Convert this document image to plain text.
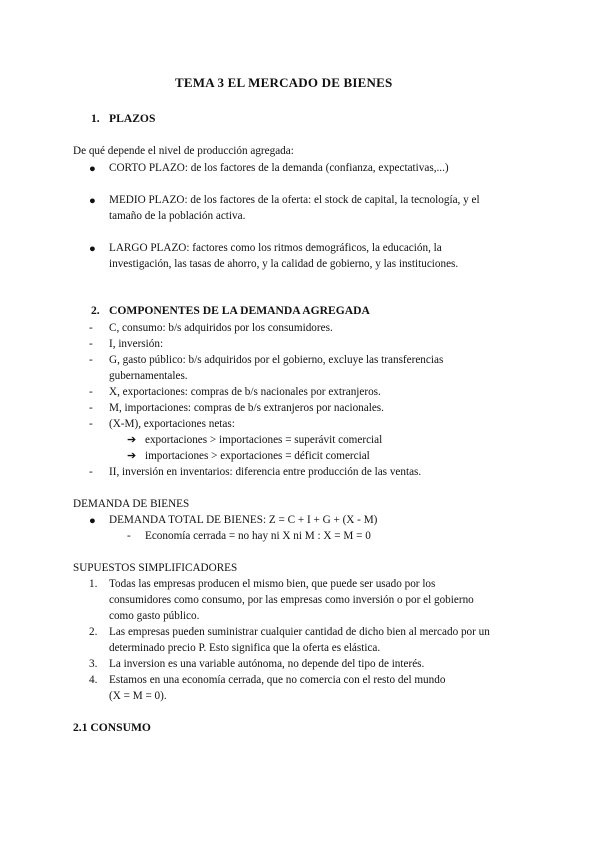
TEMA 3 EL MERCADO DE BIENES
1. PLAZOS
De qué depende el nivel de producción agregada:
● CORTO PLAZO: de los factores de la demanda (confianza, expectativas,...)
● MEDIO PLAZO: de los factores de la oferta: el stock de capital, la tecnología, y el
tamaño de la población activa.
● LARGO PLAZO: factores como los ritmos demográficos, la educación, la
investigación, las tasas de ahorro, y la calidad de gobierno, y las instituciones.
2. COMPONENTES DE LA DEMANDA AGREGADA
- C, consumo: b/s adquiridos por los consumidores.
- I, inversión:
- G, gasto público: b/s adquiridos por el gobierno, excluye las transferencias
gubernamentales.
- X, exportaciones: compras de b/s nacionales por extranjeros.
- M, importaciones: compras de b/s extranjeros por nacionales.
- (X-M), exportaciones netas:
➔ exportaciones > importaciones = superávit comercial
➔ importaciones > exportaciones = déficit comercial
- II, inversión en inventarios: diferencia entre producción de las ventas.
DEMANDA DE BIENES
● DEMANDA TOTAL DE BIENES: Z = C + I + G + (X - M)
- Economía cerrada = no hay ni X ni M : X = M = 0
SUPUESTOS SIMPLIFICADORES
1. Todas las empresas producen el mismo bien, que puede ser usado por los
consumidores como consumo, por las empresas como inversión o por el gobierno
como gasto público.
2. Las empresas pueden suministrar cualquier cantidad de dicho bien al mercado por un
determinado precio P. Esto significa que la oferta es elástica.
3. La inversion es una variable autónoma, no depende del tipo de interés.
4. Estamos en una economía cerrada, que no comercia con el resto del mundo
(X = M = 0).
2.1 CONSUMO
